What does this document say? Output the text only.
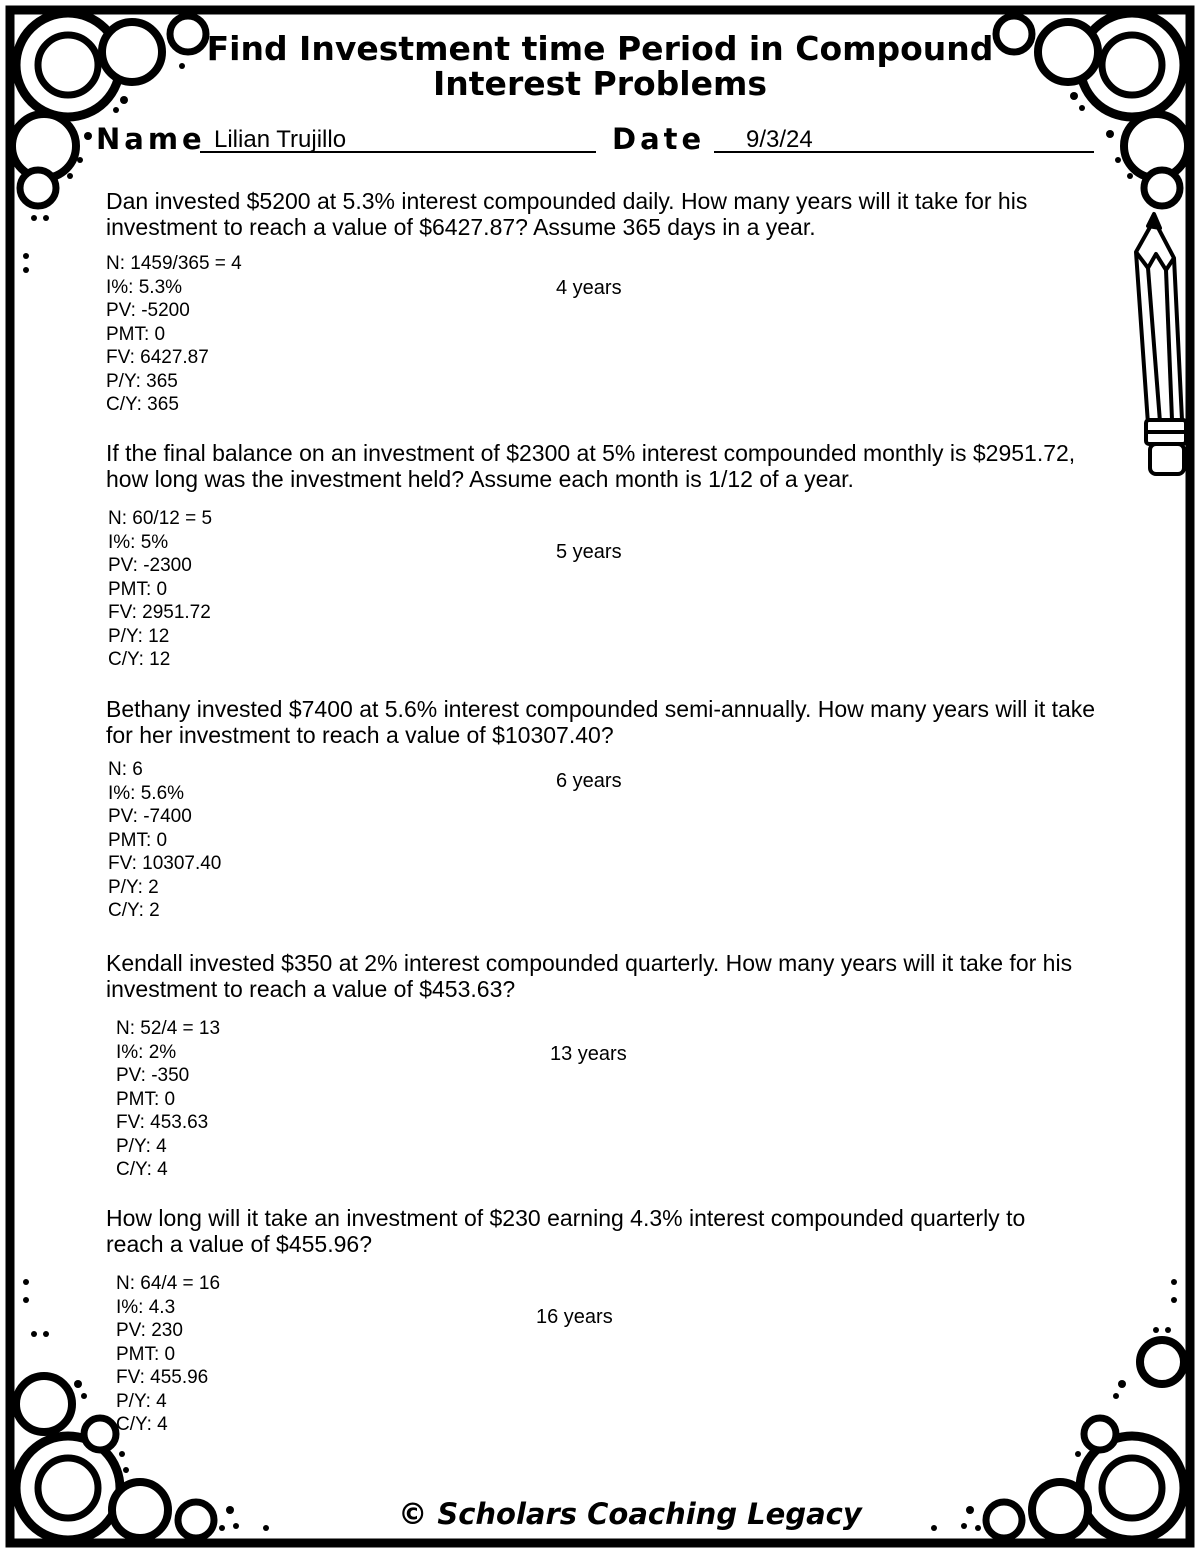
Find Investment time Period in Compound
Interest Problems
Name Lilian Trujillo	Date 9/3/24

Dan invested $5200 at 5.3% interest compounded daily. How many years will it take for his investment to reach a value of $6427.87? Assume 365 days in a year.

N: 1459/365 = 4
I%: 5.3%
PV: -5200
PMT: 0
FV: 6427.87
P/Y: 365
C/Y: 365
4 years

If the final balance on an investment of $2300 at 5% interest compounded monthly is $2951.72, how long was the investment held? Assume each month is 1/12 of a year.

N: 60/12 = 5
I%: 5%
PV: -2300
PMT: 0
FV: 2951.72
P/Y: 12
C/Y: 12
5 years

Bethany invested $7400 at 5.6% interest compounded semi-annually. How many years will it take for her investment to reach a value of $10307.40?

N: 6
I%: 5.6%
PV: -7400
PMT: 0
FV: 10307.40
P/Y: 2
C/Y: 2
6 years

Kendall invested $350 at 2% interest compounded quarterly. How many years will it take for his investment to reach a value of $453.63?

N: 52/4 = 13
I%: 2%
PV: -350
PMT: 0
FV: 453.63
P/Y: 4
C/Y: 4
13 years

How long will it take an investment of $230 earning 4.3% interest compounded quarterly to reach a value of $455.96?

N: 64/4 = 16
I%: 4.3
PV: 230
PMT: 0
FV: 455.96
P/Y: 4
C/Y: 4
16 years
© Scholars Coaching Legacy
